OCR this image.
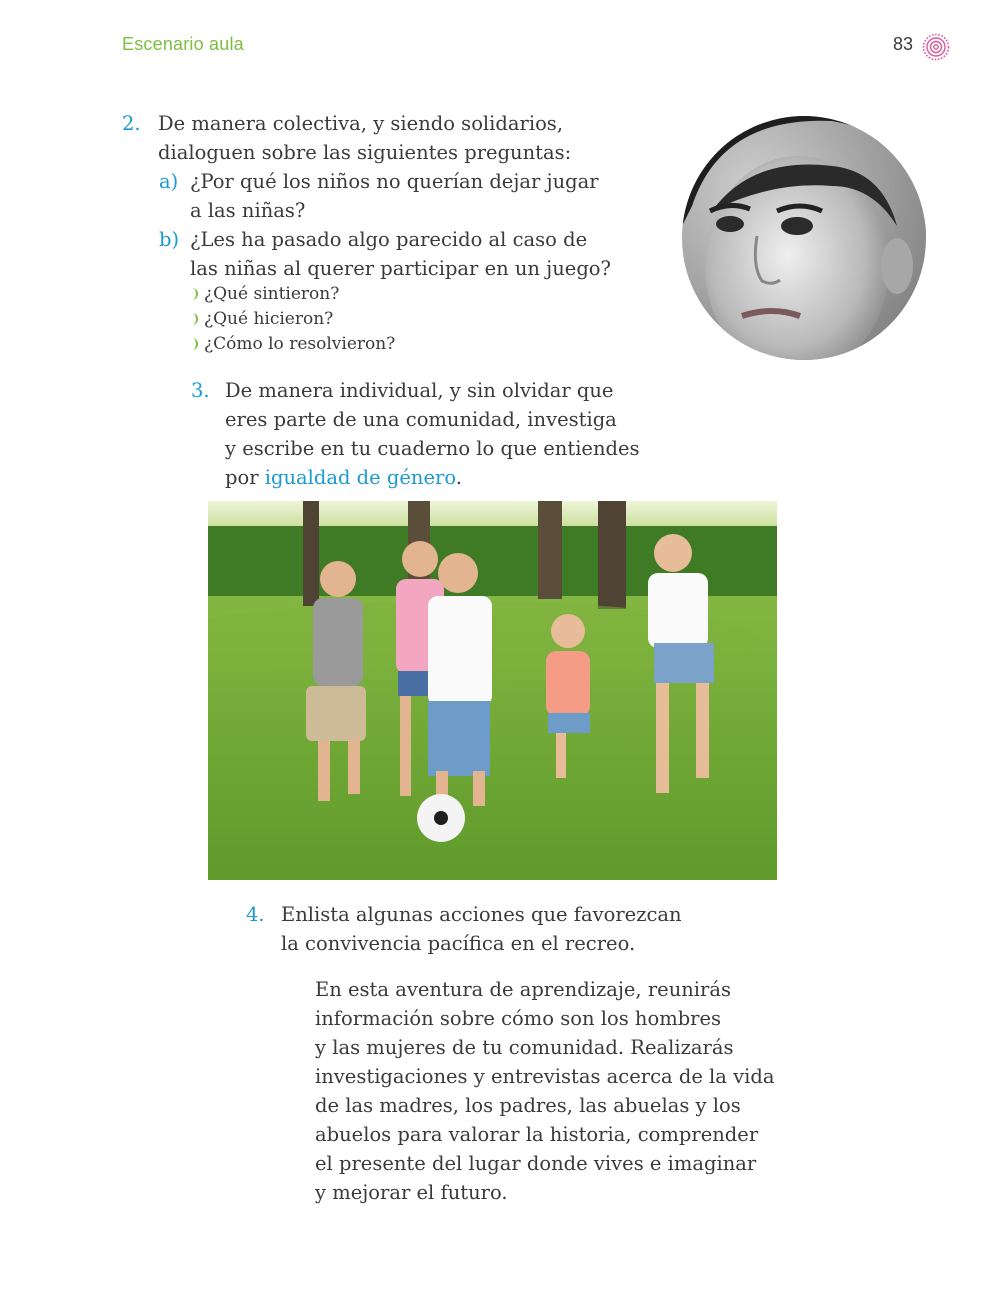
Escenario aula	83
2. De manera colectiva, y siendo solidarios,
dialoguen sobre las siguientes preguntas:
a) ¿Por qué los niños no querían dejar jugar
a las niñas?
b) ¿Les ha pasado algo parecido al caso de
las niñas al querer participar en un juego?
¿Qué sintieron?
¿Qué hicieron?
¿Cómo lo resolvieron?
3. De manera individual, y sin olvidar que
eres parte de una comunidad, investiga
y escribe en tu cuaderno lo que entiendes
por igualdad de género.
4. Enlista algunas acciones que favorezcan
la convivencia pacífica en el recreo.
En esta aventura de aprendizaje, reunirás
información sobre cómo son los hombres
y las mujeres de tu comunidad. Realizarás
investigaciones y entrevistas acerca de la vida
de las madres, los padres, las abuelas y los
abuelos para valorar la historia, comprender
el presente del lugar donde vives e imaginar
y mejorar el futuro.
